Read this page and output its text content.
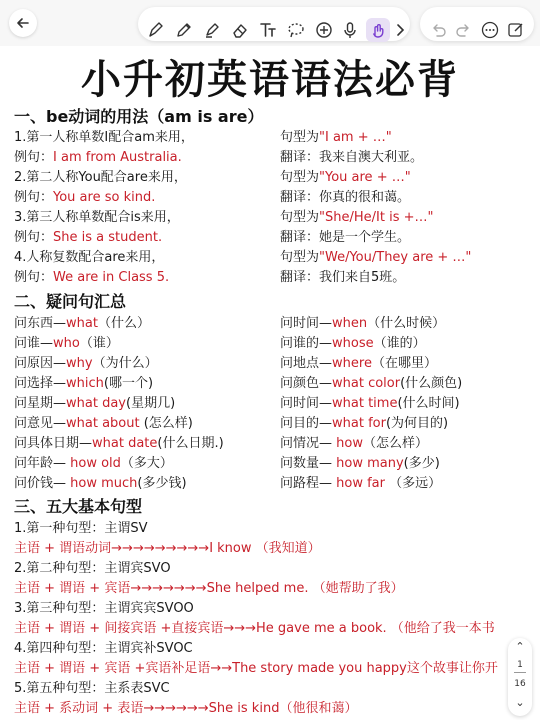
小升初英语语法必背
一、be动词的用法（am is are）
1.第一人称单数I配合am来用，	句型为"I am + …"
例句：I am from Australia.	翻译：我来自澳大利亚。
2.第二人称You配合are来用，	句型为"You are + …"
例句：You are so kind.	翻译：你真的很和蔼。
3.第三人称单数配合is来用，	句型为"She/He/It is +…"
例句：She is a student.	翻译：她是一个学生。
4.人称复数配合are来用，	句型为"We/You/They are + …"
例句：We are in Class 5.	翻译：我们来自5班。
二、疑问句汇总
问东西—what（什么）	问时间—when（什么时候）
问谁—who（谁）	问谁的—whose（谁的）
问原因—why（为什么）	问地点—where（在哪里）
问选择—which(哪一个)	问颜色—what color(什么颜色)
问星期—what day(星期几)	问时间—what time(什么时间)
问意见—what about (怎么样)	问目的—what for(为何目的)
问具体日期—what date(什么日期.)	问情况— how（怎么样）
问年龄— how old（多大）	问数量— how many(多少)
问价钱— how much(多少钱)	问路程— how far （多远）
三、五大基本句型
1.第一种句型：主谓SV
主语 + 谓语动词→→→→→→→→→I know （我知道）
2.第二种句型：主谓宾SVO
主语 + 谓语 + 宾语→→→→→→→She helped me. （她帮助了我）
3.第三种句型：主谓宾宾SVOO
主语 + 谓语 + 间接宾语 +直接宾语→→→He gave me a book. （他给了我一本书
4.第四种句型：主谓宾补SVOC
主语 + 谓语 + 宾语 +宾语补足语→→The story made you happy这个故事让你开
5.第五种句型：主系表SVC
主语 + 系动词 + 表语→→→→→→She is kind（他很和蔼）
⌃
1
16
⌄
